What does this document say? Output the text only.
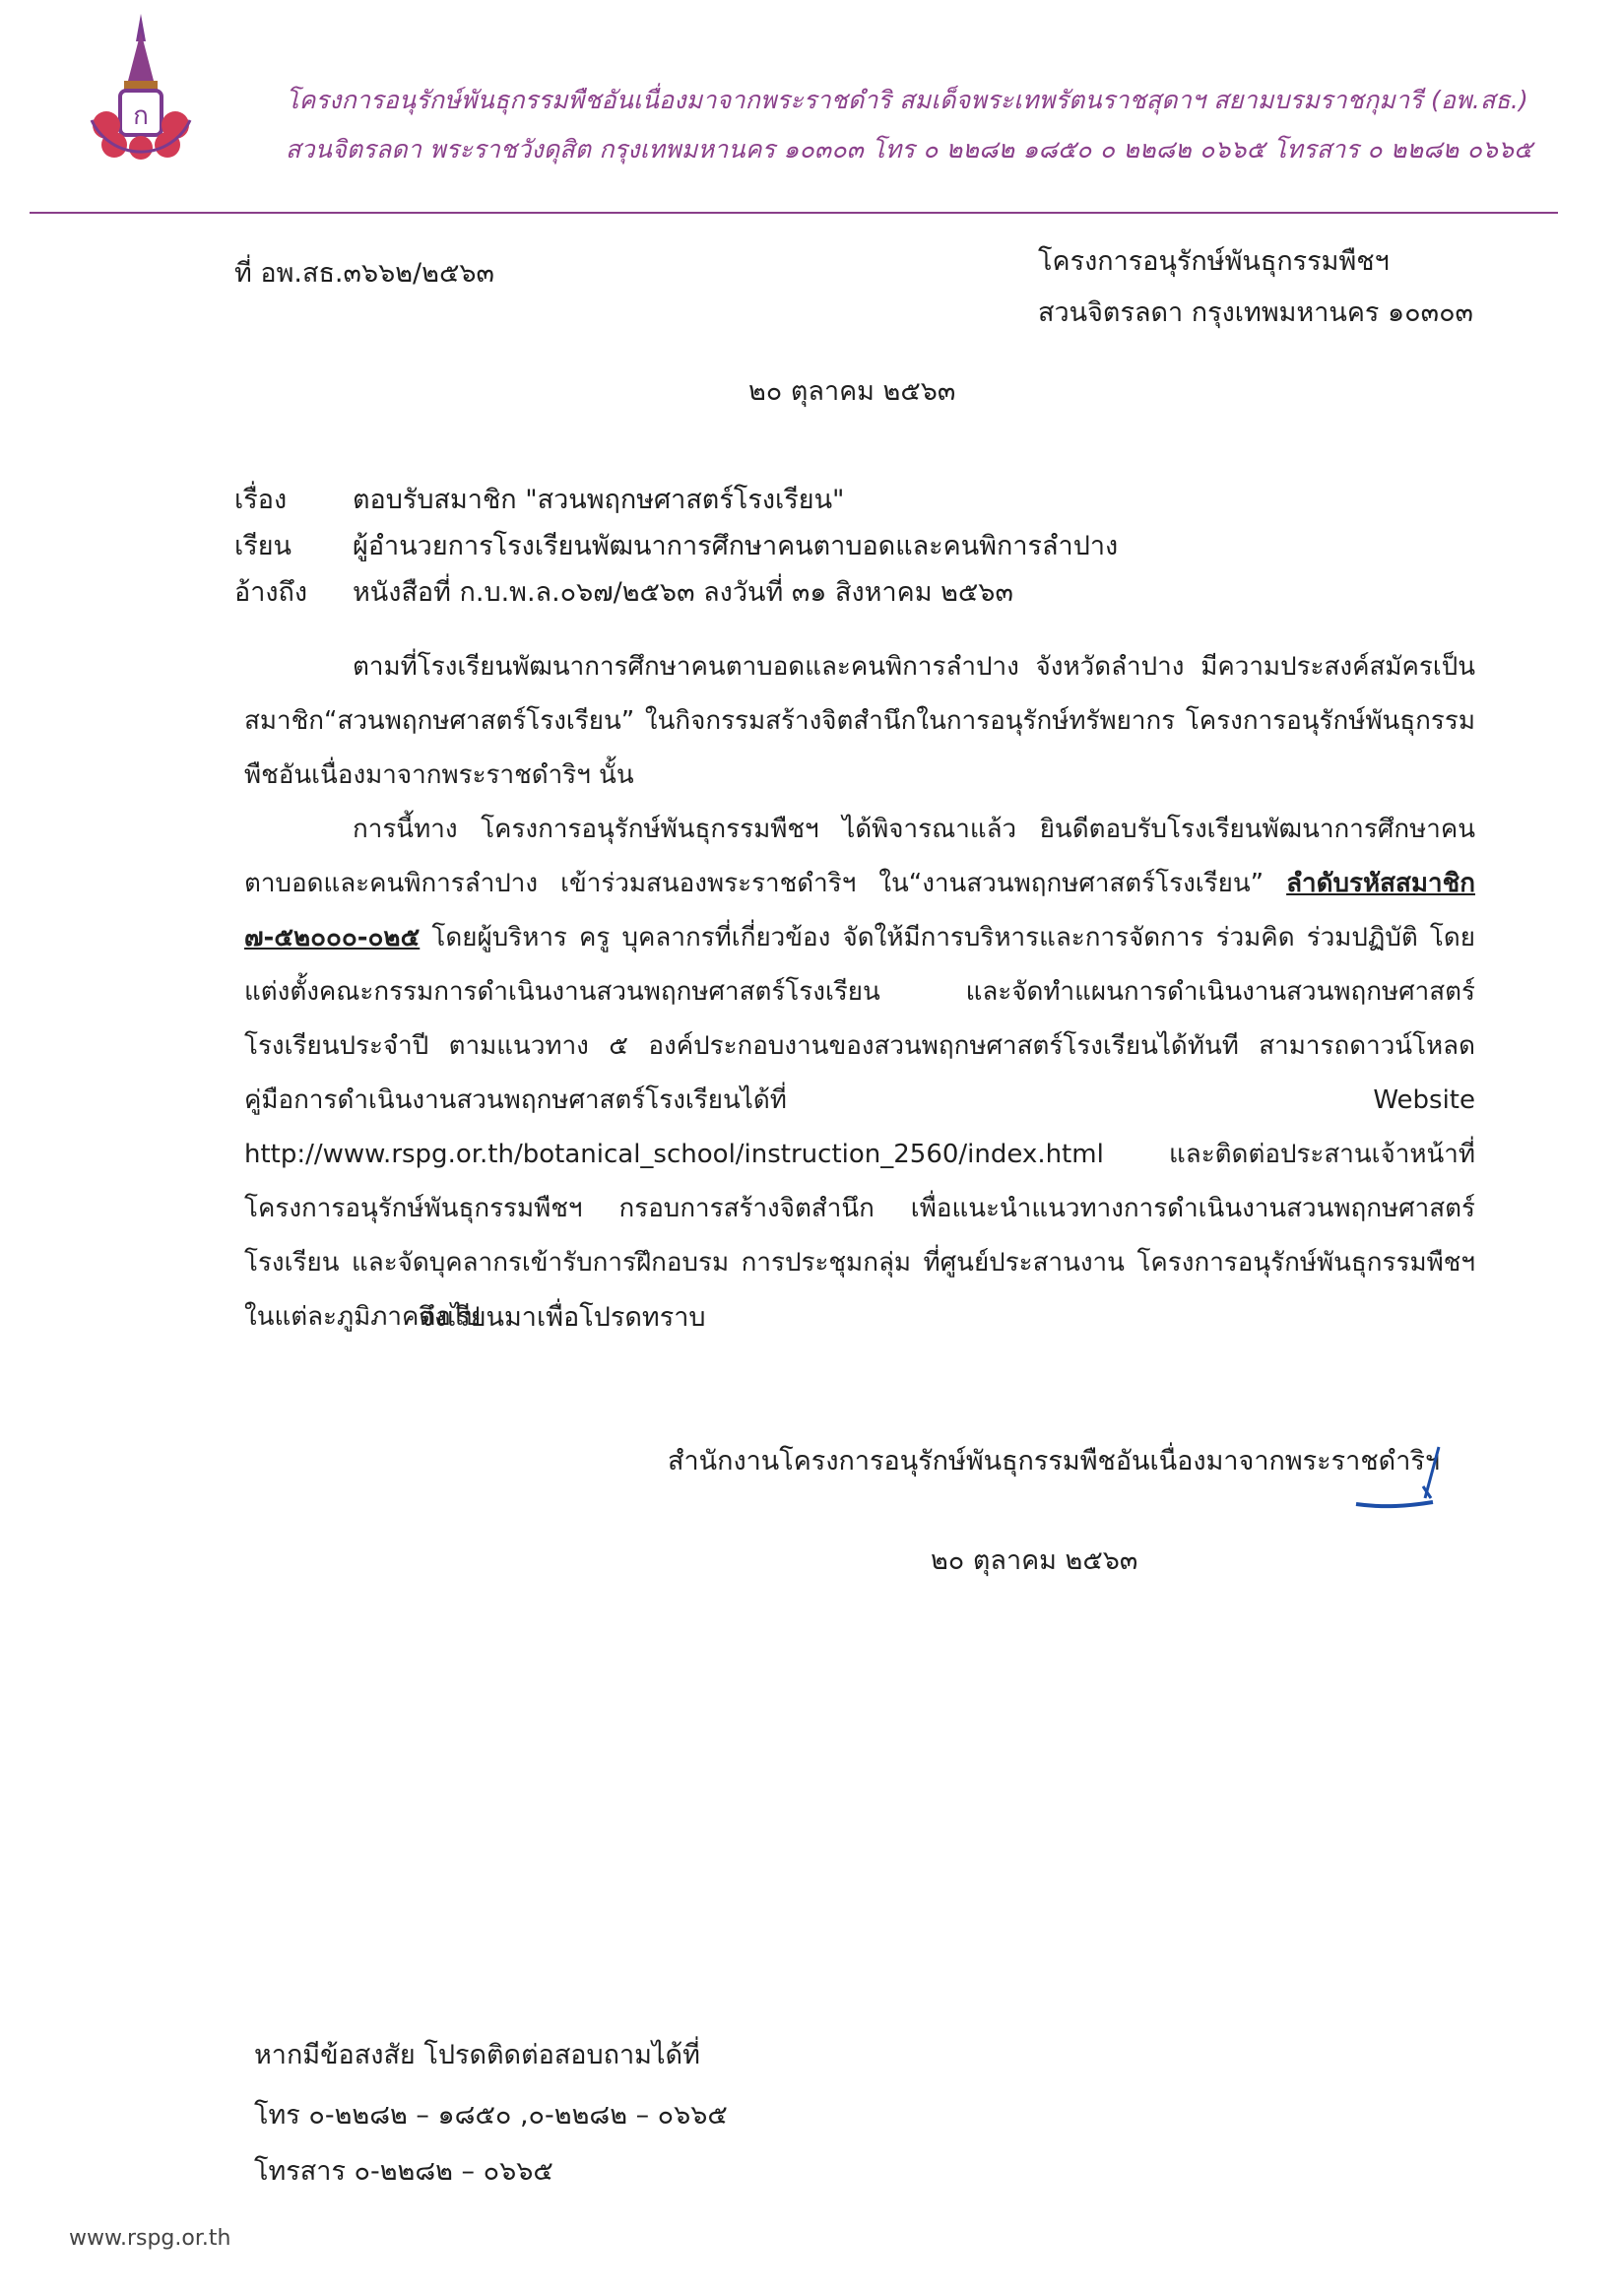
ก
โครงการอนุรักษ์พันธุกรรมพืชอันเนื่องมาจากพระราชดำริ สมเด็จพระเทพรัตนราชสุดาฯ สยามบรมราชกุมารี (อพ.สธ.)
สวนจิตรลดา พระราชวังดุสิต กรุงเทพมหานคร ๑๐๓๐๓ โทร ๐ ๒๒๘๒ ๑๘๕๐ ๐ ๒๒๘๒ ๐๖๖๕ โทรสาร ๐ ๒๒๘๒ ๐๖๖๕
ที่ อพ.สธ.๓๖๖๒/๒๕๖๓	โครงการอนุรักษ์พันธุกรรมพืชฯ
สวนจิตรลดา กรุงเทพมหานคร ๑๐๓๐๓
๒๐ ตุลาคม ๒๕๖๓
เรื่อง ตอบรับสมาชิก "สวนพฤกษศาสตร์โรงเรียน"
เรียน ผู้อำนวยการโรงเรียนพัฒนาการศึกษาคนตาบอดและคนพิการลำปาง
อ้างถึง หนังสือที่ ก.บ.พ.ล.๐๖๗/๒๕๖๓ ลงวันที่ ๓๑ สิงหาคม ๒๕๖๓

ตามที่โรงเรียนพัฒนาการศึกษาคนตาบอดและคนพิการลำปาง จังหวัดลำปาง มีความประสงค์สมัครเป็นสมาชิก“สวนพฤกษศาสตร์โรงเรียน” ในกิจกรรมสร้างจิตสำนึกในการอนุรักษ์ทรัพยากร โครงการอนุรักษ์พันธุกรรมพืชอันเนื่องมาจากพระราชดำริฯ นั้น

การนี้ทาง โครงการอนุรักษ์พันธุกรรมพืชฯ ได้พิจารณาแล้ว ยินดีตอบรับโรงเรียนพัฒนาการศึกษาคนตาบอดและคนพิการลำปาง เข้าร่วมสนองพระราชดำริฯ ใน“งานสวนพฤกษศาสตร์โรงเรียน” ลำดับรหัสสมาชิก ๗-๕๒๐๐๐-๐๒๕ โดยผู้บริหาร ครู บุคลากรที่เกี่ยวข้อง จัดให้มีการบริหารและการจัดการ ร่วมคิด ร่วมปฏิบัติ โดยแต่งตั้งคณะกรรมการดำเนินงานสวนพฤกษศาสตร์โรงเรียน และจัดทำแผนการดำเนินงานสวนพฤกษศาสตร์โรงเรียนประจำปี ตามแนวทาง ๕ องค์ประกอบงานของสวนพฤกษศาสตร์โรงเรียนได้ทันที สามารถดาวน์โหลดคู่มือการดำเนินงานสวนพฤกษศาสตร์โรงเรียนได้ที่ Website http://www.rspg.or.th/botanical_school/instruction_2560/index.html และติดต่อประสานเจ้าหน้าที่ โครงการอนุรักษ์พันธุกรรมพืชฯ กรอบการสร้างจิตสำนึก เพื่อแนะนำแนวทางการดำเนินงานสวนพฤกษศาสตร์โรงเรียน และจัดบุคลากรเข้ารับการฝึกอบรม การประชุมกลุ่ม ที่ศูนย์ประสานงาน โครงการอนุรักษ์พันธุกรรมพืชฯ ในแต่ละภูมิภาคต่อไป

จึงเรียนมาเพื่อโปรดทราบ
สำนักงานโครงการอนุรักษ์พันธุกรรมพืชอันเนื่องมาจากพระราชดำริฯ
๒๐ ตุลาคม ๒๕๖๓
หากมีข้อสงสัย โปรดติดต่อสอบถามได้ที่
โทร ๐-๒๒๘๒ – ๑๘๕๐ ,๐-๒๒๘๒ – ๐๖๖๕
โทรสาร ๐-๒๒๘๒ – ๐๖๖๕
www.rspg.or.th
